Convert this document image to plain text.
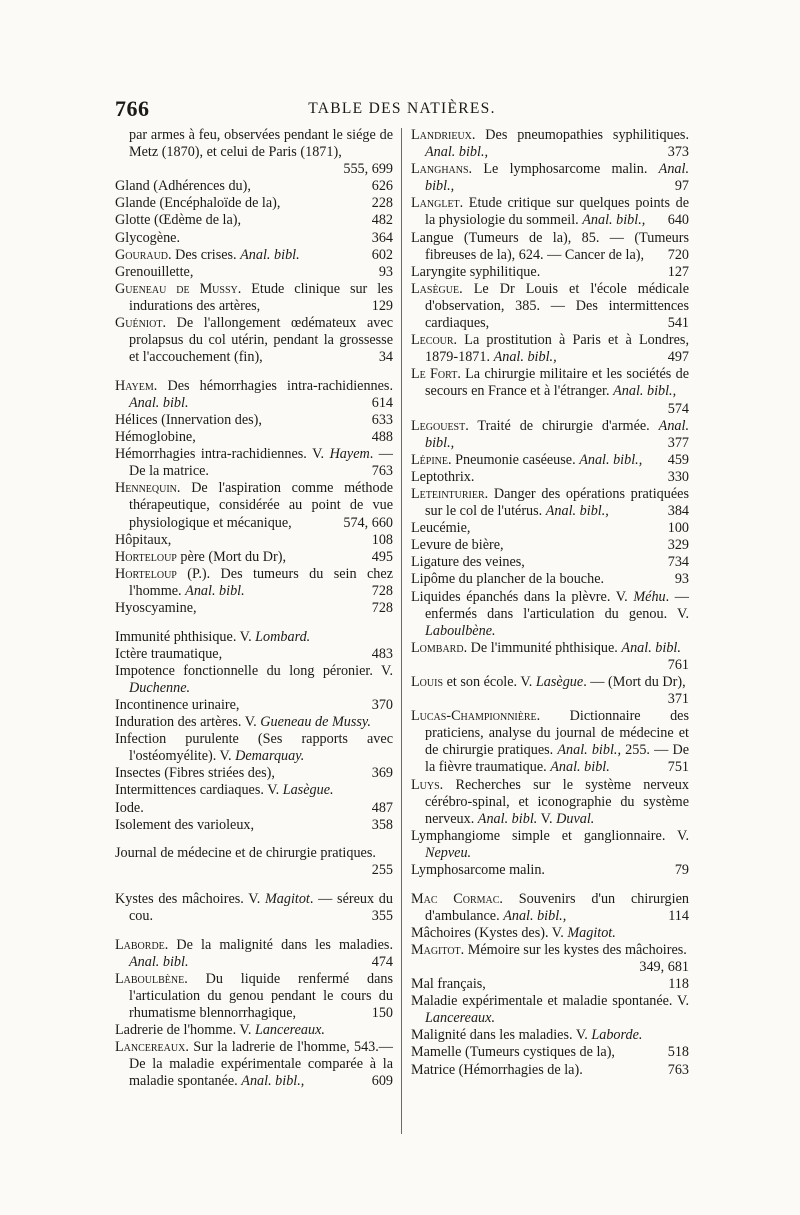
766	TABLE DES NATIÈRES.
par armes à feu, observées pendant le siége de Metz (1870), et celui de Paris (1871),
555, 699
Gland (Adhérences du),	626
Glande (Encéphaloïde de la),	228
Glotte (Œdème de la),	482
Glycogène.	364
Gouraud. Des crises. Anal. bibl.	602
Grenouillette,	93
Gueneau de Mussy. Etude clinique sur les indurations des artères,	129
Guéniot. De l'allongement œdémateux avec prolapsus du col utérin, pendant la grossesse et l'accouchement (fin),	34
Hayem. Des hémorrhagies intra-rachidiennes. Anal. bibl.	614
Hélices (Innervation des),	633
Hémoglobine,	488
Hémorrhagies intra-rachidiennes. V. Hayem. — De la matrice.	763
Hennequin. De l'aspiration comme méthode thérapeutique, considérée au point de vue physiologique et mécanique,	574, 660
Hôpitaux,	108
Horteloup père (Mort du Dr),	495
Horteloup (P.). Des tumeurs du sein chez l'homme. Anal. bibl.	728
Hyoscyamine,	728
Immunité phthisique. V. Lombard.
Ictère traumatique,	483
Impotence fonctionnelle du long péronier. V. Duchenne.
Incontinence urinaire,	370
Induration des artères. V. Gueneau de Mussy.
Infection purulente (Ses rapports avec l'ostéomyélite). V. Demarquay.
Insectes (Fibres striées des),	369
Intermittences cardiaques. V. Lasègue.
Iode.	487
Isolement des varioleux,	358
Journal de médecine et de chirurgie pratiques.
255
Kystes des mâchoires. V. Magitot. — séreux du cou.	355
Laborde. De la malignité dans les maladies. Anal. bibl.	474
Laboulbène. Du liquide renfermé dans l'articulation du genou pendant le cours du rhumatisme blennorrhagique,	150
Ladrerie de l'homme. V. Lancereaux.
Lancereaux. Sur la ladrerie de l'homme, 543.— De la maladie expérimentale comparée à la maladie spontanée. Anal. bibl.,	609
Landrieux. Des pneumopathies syphilitiques. Anal. bibl.,	373
Langhans. Le lymphosarcome malin. Anal. bibl.,	97
Langlet. Etude critique sur quelques points de la physiologie du sommeil. Anal. bibl.,	640
Langue (Tumeurs de la), 85. — (Tumeurs fibreuses de la), 624. — Cancer de la),	720
Laryngite syphilitique.	127
Lasègue. Le Dr Louis et l'école médicale d'observation, 385. — Des intermittences cardiaques,	541
Lecour. La prostitution à Paris et à Londres, 1879-1871. Anal. bibl.,	497
Le Fort. La chirurgie militaire et les sociétés de secours en France et à l'étranger. Anal. bibl.,
574
Legouest. Traité de chirurgie d'armée. Anal. bibl.,	377
Lépine. Pneumonie caséeuse. Anal. bibl.,	459
Leptothrix.	330
Leteinturier. Danger des opérations pratiquées sur le col de l'utérus. Anal. bibl.,	384
Leucémie,	100
Levure de bière,	329
Ligature des veines,	734
Lipôme du plancher de la bouche.	93
Liquides épanchés dans la plèvre. V. Méhu. — enfermés dans l'articulation du genou. V. Laboulbène.
Lombard. De l'immunité phthisique. Anal. bibl.
761
Louis et son école. V. Lasègue. — (Mort du Dr),
371
Lucas-Championnière. Dictionnaire des praticiens, analyse du journal de médecine et de chirurgie pratiques. Anal. bibl., 255. — De la fièvre traumatique. Anal. bibl.	751
Luys. Recherches sur le système nerveux cérébro-spinal, et iconographie du système nerveux. Anal. bibl. V. Duval.
Lymphangiome simple et ganglionnaire. V. Nepveu.
Lymphosarcome malin.	79
Mac Cormac. Souvenirs d'un chirurgien d'ambulance. Anal. bibl.,	114
Mâchoires (Kystes des). V. Magitot.
Magitot. Mémoire sur les kystes des mâchoires.
349, 681
Mal français,	118
Maladie expérimentale et maladie spontanée. V. Lancereaux.
Malignité dans les maladies. V. Laborde.
Mamelle (Tumeurs cystiques de la),	518
Matrice (Hémorrhagies de la).	763
